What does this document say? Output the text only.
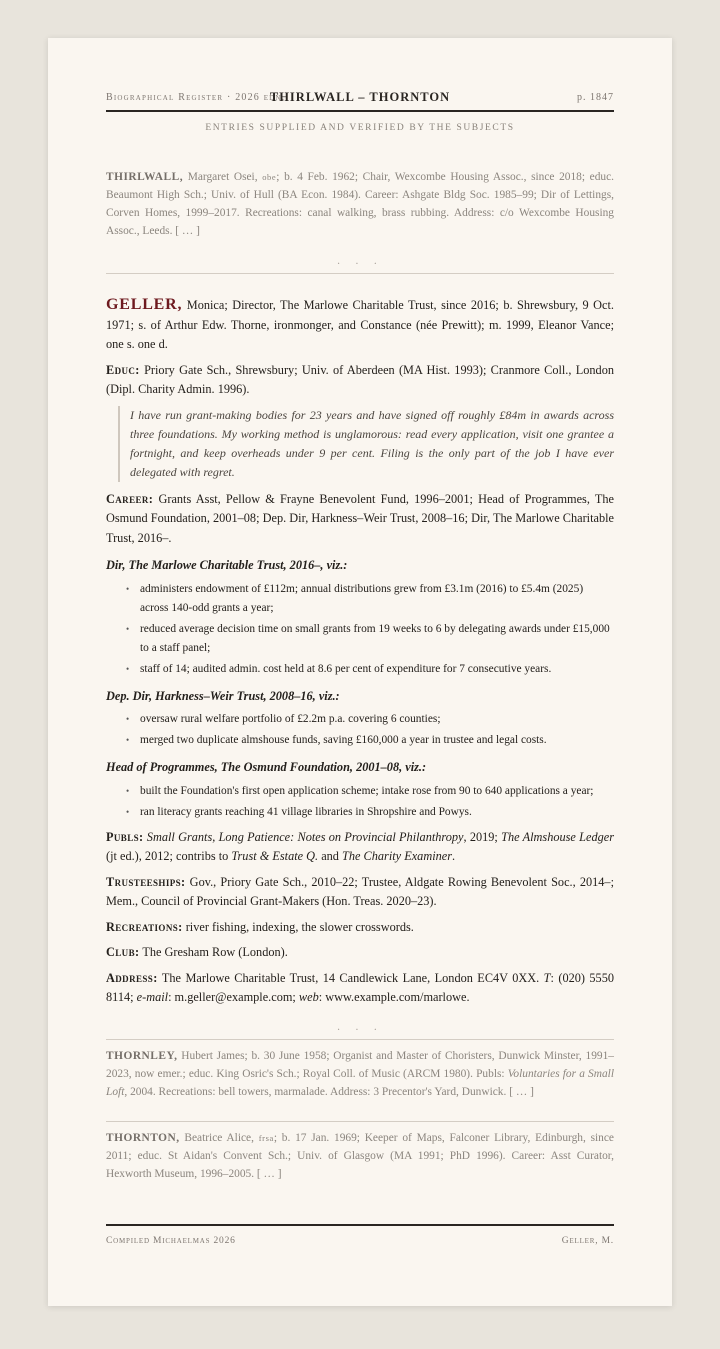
Biographical Register · 2026 edn.
THIRLWALL – THORNTON	p. 1847
ENTRIES SUPPLIED AND VERIFIED BY THE SUBJECTS
THIRLWALL, Margaret Osei, obe; b. 4 Feb. 1962; Chair, Wexcombe Housing Assoc., since 2018; educ. Beaumont High Sch.; Univ. of Hull (BA Econ. 1984). Career: Ashgate Bldg Soc. 1985–99; Dir of Lettings, Corven Homes, 1999–2017. Recreations: canal walking, brass rubbing. Address: c/o Wexcombe Housing Assoc., Leeds. [ … ]
· · ·

GELLER, Monica; Director, The Marlowe Charitable Trust, since 2016; b. Shrewsbury, 9 Oct. 1971; s. of Arthur Edw. Thorne, ironmonger, and Constance (née Prewitt); m. 1999, Eleanor Vance; one s. one d.

Educ: Priory Gate Sch., Shrewsbury; Univ. of Aberdeen (MA Hist. 1993); Cranmore Coll., London (Dipl. Charity Admin. 1996).

I have run grant-making bodies for 23 years and have signed off roughly £84m in awards across three foundations. My working method is unglamorous: read every application, visit one grantee a fortnight, and keep overheads under 9 per cent. Filing is the only part of the job I have ever delegated with regret.

Career: Grants Asst, Pellow & Frayne Benevolent Fund, 1996–2001; Head of Programmes, The Osmund Foundation, 2001–08; Dep. Dir, Harkness–Weir Trust, 2008–16; Dir, The Marlowe Charitable Trust, 2016–.

Dir, The Marlowe Charitable Trust, 2016–, viz.:
• administers endowment of £112m; annual distributions grew from £3.1m (2016) to £5.4m (2025) across 140-odd grants a year;
• reduced average decision time on small grants from 19 weeks to 6 by delegating awards under £15,000 to a staff panel;
• staff of 14; audited admin. cost held at 8.6 per cent of expenditure for 7 consecutive years.
Dep. Dir, Harkness–Weir Trust, 2008–16, viz.:
• oversaw rural welfare portfolio of £2.2m p.a. covering 6 counties;
• merged two duplicate almshouse funds, saving £160,000 a year in trustee and legal costs.
Head of Programmes, The Osmund Foundation, 2001–08, viz.:
• built the Foundation's first open application scheme; intake rose from 90 to 640 applications a year;
• ran literacy grants reaching 41 village libraries in Shropshire and Powys.

Publs: Small Grants, Long Patience: Notes on Provincial Philanthropy, 2019; The Almshouse Ledger (jt ed.), 2012; contribs to Trust & Estate Q. and The Charity Examiner.

Trusteeships: Gov., Priory Gate Sch., 2010–22; Trustee, Aldgate Rowing Benevolent Soc., 2014–; Mem., Council of Provincial Grant-Makers (Hon. Treas. 2020–23).

Recreations: river fishing, indexing, the slower crosswords.

Club: The Gresham Row (London).

Address: The Marlowe Charitable Trust, 14 Candlewick Lane, London EC4V 0XX. T: (020) 5550 8114; e-mail: m.geller@example.com; web: www.example.com/marlowe.

· · ·
THORNLEY, Hubert James; b. 30 June 1958; Organist and Master of Choristers, Dunwick Minster, 1991–2023, now emer.; educ. King Osric's Sch.; Royal Coll. of Music (ARCM 1980). Publs: Voluntaries for a Small Loft, 2004. Recreations: bell towers, marmalade. Address: 3 Precentor's Yard, Dunwick. [ … ]
THORNTON, Beatrice Alice, frsa; b. 17 Jan. 1969; Keeper of Maps, Falconer Library, Edinburgh, since 2011; educ. St Aidan's Convent Sch.; Univ. of Glasgow (MA 1991; PhD 1996). Career: Asst Curator, Hexworth Museum, 1996–2005. [ … ]
Compiled Michaelmas 2026	Geller, M.
